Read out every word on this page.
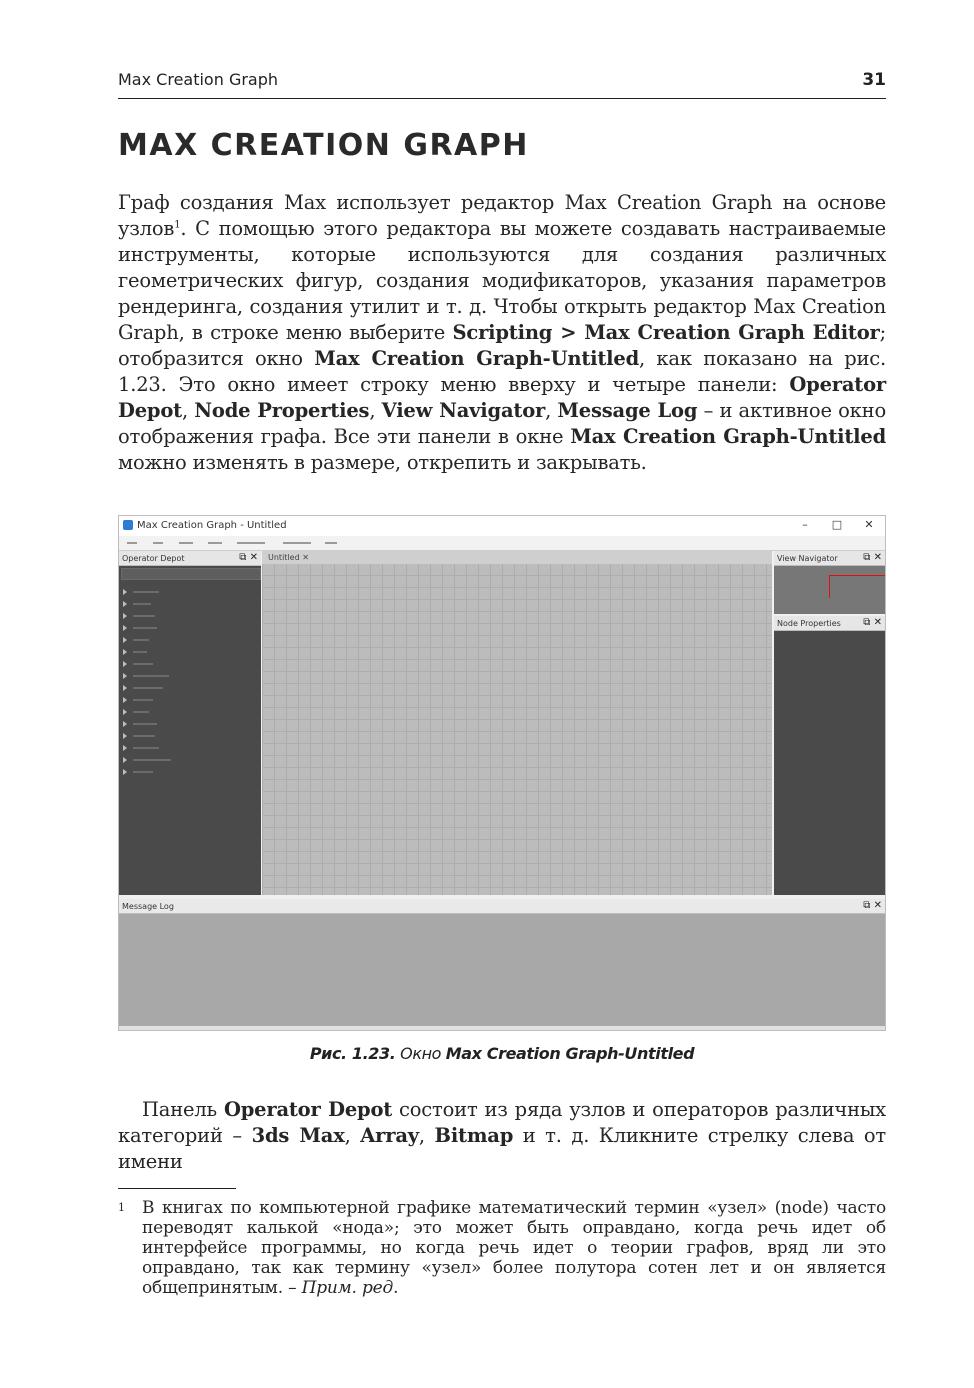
Max Creation Graph	31
MAX CREATION GRAPH

Граф создания Max использует редактор Max Creation Graph на основе узлов$^1$. С помощью этого редактора вы можете создавать настраиваемые инструменты, которые используются для создания различных геометрических фигур, создания модификаторов, указания параметров рендеринга, создания утилит и т. д. Чтобы открыть редактор Max Creation Graph, в строке меню выберите Scripting > Max Creation Graph Editor; отобразится окно Max Creation Graph-Untitled, как показано на рис. 1.23. Это окно имеет строку меню вверху и четыре панели: Operator Depot, Node Properties, View Navigator, Message Log – и активное окно отображения графа. Все эти панели в окне Max Creation Graph-Untitled можно изменять в размере, открепить и закрывать.

Max Creation Graph - Untitled	–	□	✕
Operator Depot	⧉ ✕ Untitled ✕	View Navigator	⧉ ✕
Node Properties ⧉ ✕
Message Log	⧉ ✕
Рис. 1.23. Окно Max Creation Graph-Untitled

Панель Operator Depot состоит из ряда узлов и операторов различных категорий – 3ds Max, Array, Bitmap и т. д. Кликните стрелку слева от имени

1 В книгах по компьютерной графике математический термин «узел» (node) часто переводят калькой «нода»; это может быть оправдано, когда речь идет об интерфейсе программы, но когда речь идет о теории графов, вряд ли это оправдано, так как термину «узел» более полутора сотен лет и он является общепринятым. – Прим. ред.
